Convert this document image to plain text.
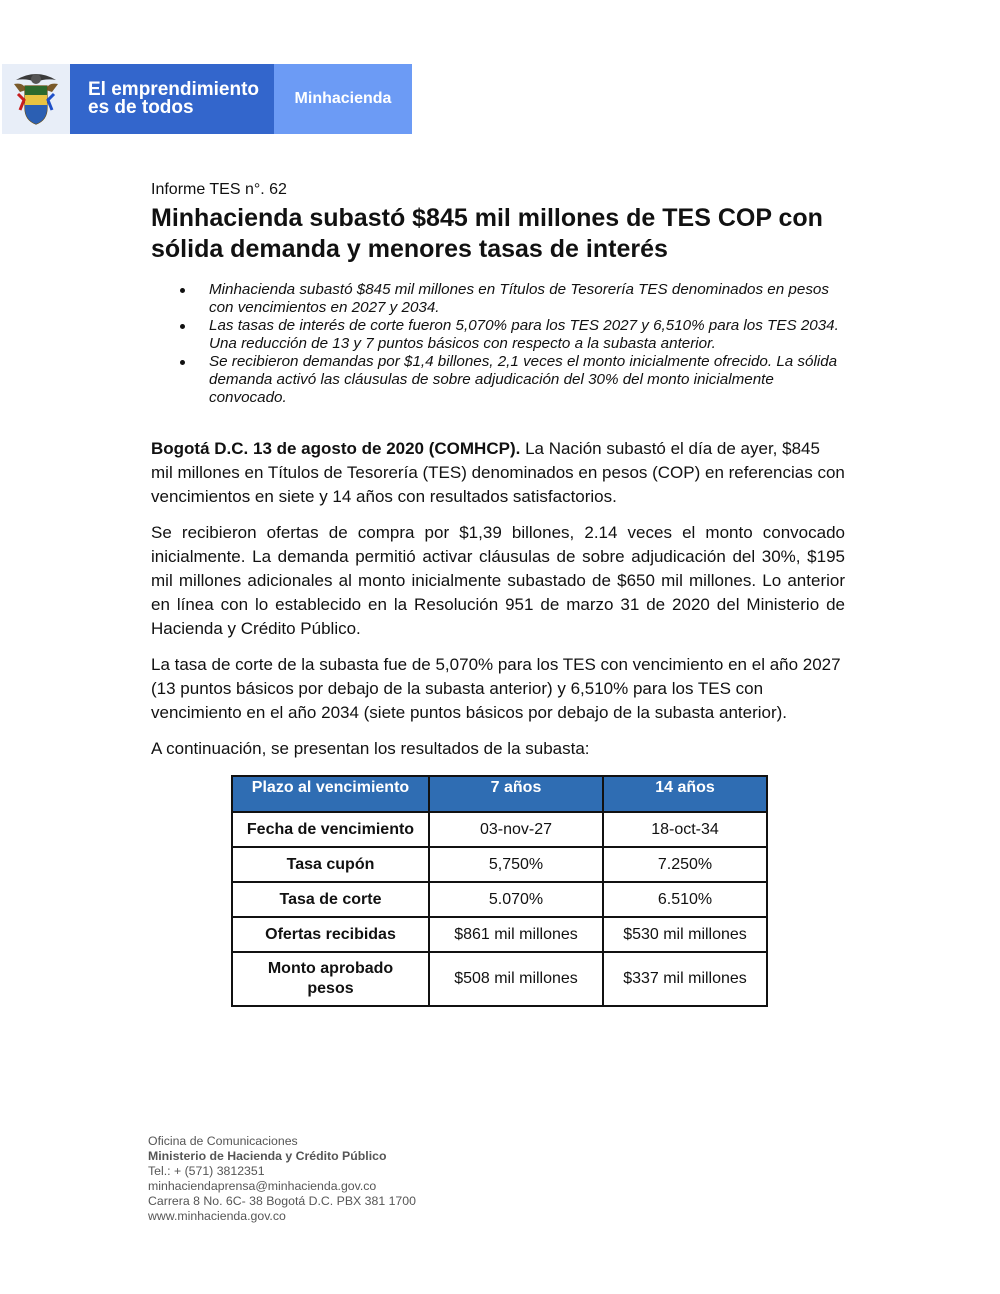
El emprendimiento
es de todos	Minhacienda
Informe TES n°. 62
Minhacienda subastó $845 mil millones de TES COP con sólida demanda y menores tasas de interés
Minhacienda subastó $845 mil millones en Títulos de Tesorería TES denominados en pesos con vencimientos en 2027 y 2034.
Las tasas de interés de corte fueron 5,070% para los TES 2027 y 6,510% para los TES 2034. Una reducción de 13 y 7 puntos básicos con respecto a la subasta anterior.
Se recibieron demandas por $1,4 billones, 2,1 veces el monto inicialmente ofrecido. La sólida demanda activó las cláusulas de sobre adjudicación del 30% del monto inicialmente convocado.

Bogotá D.C. 13 de agosto de 2020 (COMHCP). La Nación subastó el día de ayer, $845 mil millones en Títulos de Tesorería (TES) denominados en pesos (COP) en referencias con vencimientos en siete y 14 años con resultados satisfactorios.

Se recibieron ofertas de compra por $1,39 billones, 2.14 veces el monto convocado inicialmente. La demanda permitió activar cláusulas de sobre adjudicación del 30%, $195 mil millones adicionales al monto inicialmente subastado de $650 mil millones. Lo anterior en línea con lo establecido en la Resolución 951 de marzo 31 de 2020 del Ministerio de Hacienda y Crédito Público.

La tasa de corte de la subasta fue de 5,070% para los TES con vencimiento en el año 2027 (13 puntos básicos por debajo de la subasta anterior) y 6,510% para los TES con vencimiento en el año 2034 (siete puntos básicos por debajo de la subasta anterior).

A continuación, se presentan los resultados de la subasta:

Plazo al vencimiento	7 años	14 años
Fecha de vencimiento	03-nov-27	18-oct-34
Tasa cupón	5,750%	7.250%
Tasa de corte	5.070%	6.510%
Ofertas recibidas	$861 mil millones	$530 mil millones

Monto aprobado pesos	$508 mil millones	$337 mil millones
Oficina de Comunicaciones
Ministerio de Hacienda y Crédito Público
Tel.: + (571) 3812351
minhaciendaprensa@minhacienda.gov.co
Carrera 8 No. 6C- 38 Bogotá D.C. PBX 381 1700
www.minhacienda.gov.co
